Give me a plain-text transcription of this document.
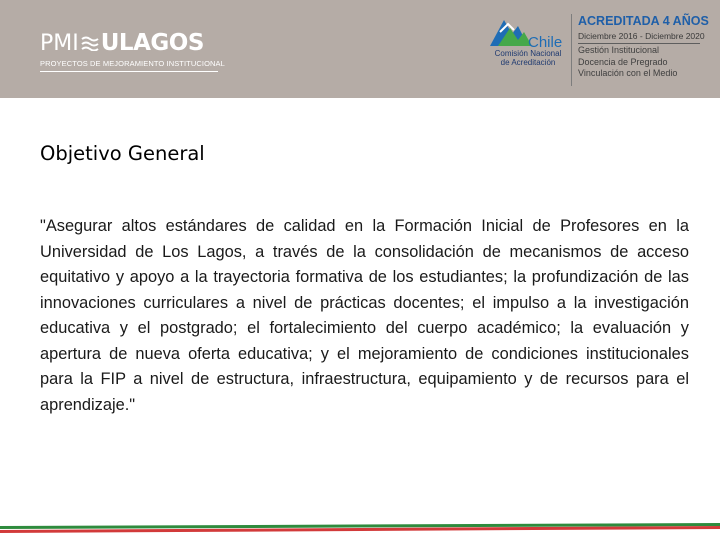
PMI ULAGOS
PROYECTOS DE MEJORAMIENTO INSTITUCIONAL
Chile
Comisión Nacional
de Acreditación
ACREDITADA 4 AÑOS
Diciembre 2016 - Diciembre 2020
Gestión Institucional
Docencia de Pregrado
Vinculación con el Medio
Objetivo General
"Asegurar altos estándares de calidad en la Formación Inicial de Profesores en la Universidad de Los Lagos, a través de la consolidación de mecanismos de acceso equitativo y apoyo a la trayectoria formativa de los estudiantes; la profundización de las innovaciones curriculares a nivel de prácticas docentes; el impulso a la investigación educativa y el postgrado; el fortalecimiento del cuerpo académico; la evaluación y apertura de nueva oferta educativa; y el mejoramiento de condiciones institucionales para la FIP a nivel de estructura, infraestructura, equipamiento y de recursos para el aprendizaje."
